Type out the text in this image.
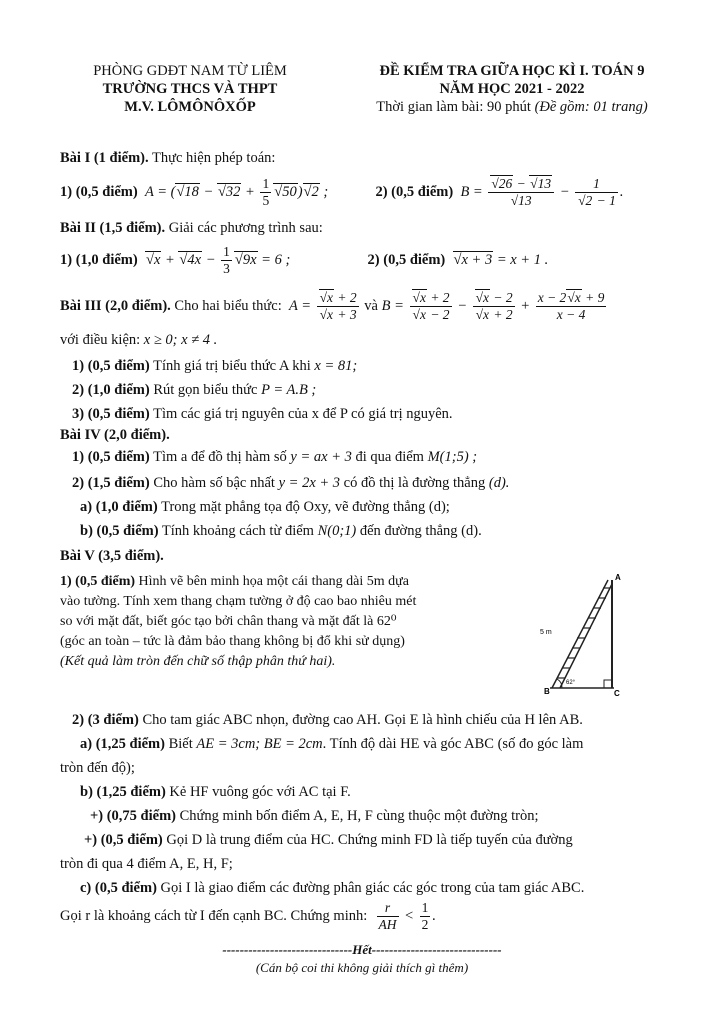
PHÒNG GDĐT NAM TỪ LIÊM
TRƯỜNG THCS VÀ THPT
M.V. LÔMÔNÔXỐP
ĐỀ KIỂM TRA GIỮA HỌC KÌ I. TOÁN 9
NĂM HỌC 2021 - 2022
Thời gian làm bài: 90 phút (Đề gồm: 01 trang)
Bài I (1 điểm). Thực hiện phép toán:
1) (0,5 điểm)  A = ( √ 18 − √ $32 + \frac{1}{5}$ √ 50) √ 2 ;	2) (0,5 điểm)  B = √ 26 − √ 13
√ 13 − 1
√ 2 − 1 .
Bài II (1,5 điểm). Giải các phương trình sau:
1) (1,0 điểm) √ x + √ $4x - \frac{1}{3}$ √ 9x = 6 ;	2) (0,5 điểm) √ x + 3 = x + 1 .
Bài III (2,0 điểm). Cho hai biểu thức:  A = √ x + 2
√ x + 3 và B = √ x + 2
√ x − 2 − √ x − 2
√ $x + 2 + \frac{x - 2 √ x + 9}{x - 4}$
với điều kiện: x ≥ 0; x ≠ 4 .
1) (0,5 điểm) Tính giá trị biểu thức A khi x = 81;
2) (1,0 điểm) Rút gọn biểu thức P = A.B ;
3) (0,5 điểm) Tìm các giá trị nguyên của x để P có giá trị nguyên.
Bài IV (2,0 điểm).
1) (0,5 điểm) Tìm a để đồ thị hàm số y = ax + 3 đi qua điểm M(1;5) ;
2) (1,5 điểm) Cho hàm số bậc nhất y = 2x + 3 có đồ thị là đường thẳng (d).
a) (1,0 điểm) Trong mặt phẳng tọa độ Oxy, vẽ đường thẳng (d);
b) (0,5 điểm) Tính khoảng cách từ điểm N(0;1) đến đường thẳng (d).
Bài V (3,5 điểm).
1) (0,5 điểm) Hình vẽ bên minh họa một cái thang dài 5m dựa
vào tường. Tính xem thang chạm tường ở độ cao bao nhiêu mét
so với mặt đất, biết góc tạo bởi chân thang và mặt đất là 62⁰
(góc an toàn – tức là đảm bảo thang không bị đổ khi sử dụng)
(Kết quả làm tròn đến chữ số thập phân thứ hai).
A
B	C
5 m
62°
2) (3 điểm) Cho tam giác ABC nhọn, đường cao AH. Gọi E là hình chiếu của H lên AB.
a) (1,25 điểm) Biết AE = 3cm; BE = 2cm. Tính độ dài HE và góc ABC (số đo góc làm
tròn đến độ);
b) (1,25 điểm) Kẻ HF vuông góc với AC tại F.
+) (0,75 điểm) Chứng minh bốn điểm A, E, H, F cùng thuộc một đường tròn;
+) (0,5 điểm) Gọi D là trung điểm của HC. Chứng minh FD là tiếp tuyến của đường
tròn đi qua 4 điểm A, E, H, F;
c) (0,5 điểm) Gọi I là giao điểm các đường phân giác các góc trong của tam giác ABC.
Gọi r là khoảng cách từ I đến cạnh BC. Chứng minh: $\frac{r}{AH} < \frac{1}{2}$ .
------------------------------Hết------------------------------
(Cán bộ coi thi không giải thích gì thêm)
